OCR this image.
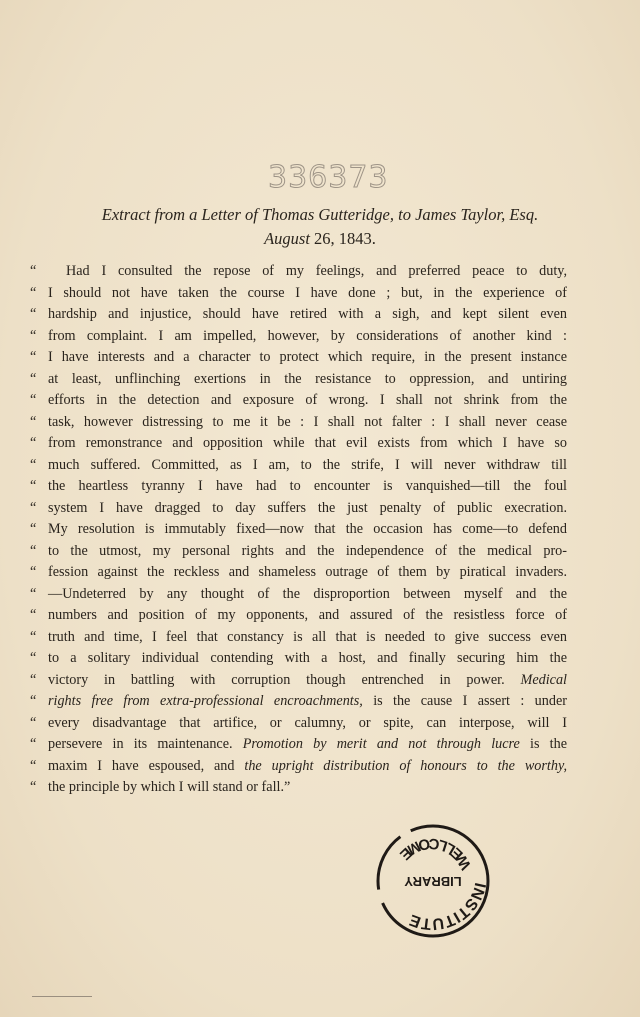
336373
Extract from a Letter of Thomas Gutteridge, to James Taylor, Esq.
August 26, 1843.
“	Had I consulted the repose of my feelings, and preferred peace to duty,
“ I should not have taken the course I have done ; but, in the experience of
“ hardship and injustice, should have retired with a sigh, and kept silent even
“ from complaint. I am impelled, however, by considerations of another kind :
“ I have interests and a character to protect which require, in the present instance
“ at least, unflinching exertions in the resistance to oppression, and untiring
“ efforts in the detection and exposure of wrong. I shall not shrink from the
“ task, however distressing to me it be : I shall not falter : I shall never cease
“ from remonstrance and opposition while that evil exists from which I have so
“ much suffered. Committed, as I am, to the strife, I will never withdraw till
“ the heartless tyranny I have had to encounter is vanquished—till the foul
“ system I have dragged to day suffers the just penalty of public execration.
“ My resolution is immutably fixed—now that the occasion has come—to defend
“ to the utmost, my personal rights and the independence of the medical pro-
“ fession against the reckless and shameless outrage of them by piratical invaders.
“ —Undeterred by any thought of the disproportion between myself and the
“ numbers and position of my opponents, and assured of the resistless force of
“ truth and time, I feel that constancy is all that is needed to give success even
“ to a solitary individual contending with a host, and finally securing him the
“ victory in battling with corruption though entrenched in power. Medical
“ rights free from extra-professional encroachments, is the cause I assert : under
“ every disadvantage that artifice, or calumny, or spite, can interpose, will I
“ persevere in its maintenance. Promotion by merit and not through lucre is the
“ maxim I have espoused, and the upright distribution of honours to the worthy,
“ the principle by which I will stand or fall.”
INSTITUTE
LIBRARY
WELLCOME
